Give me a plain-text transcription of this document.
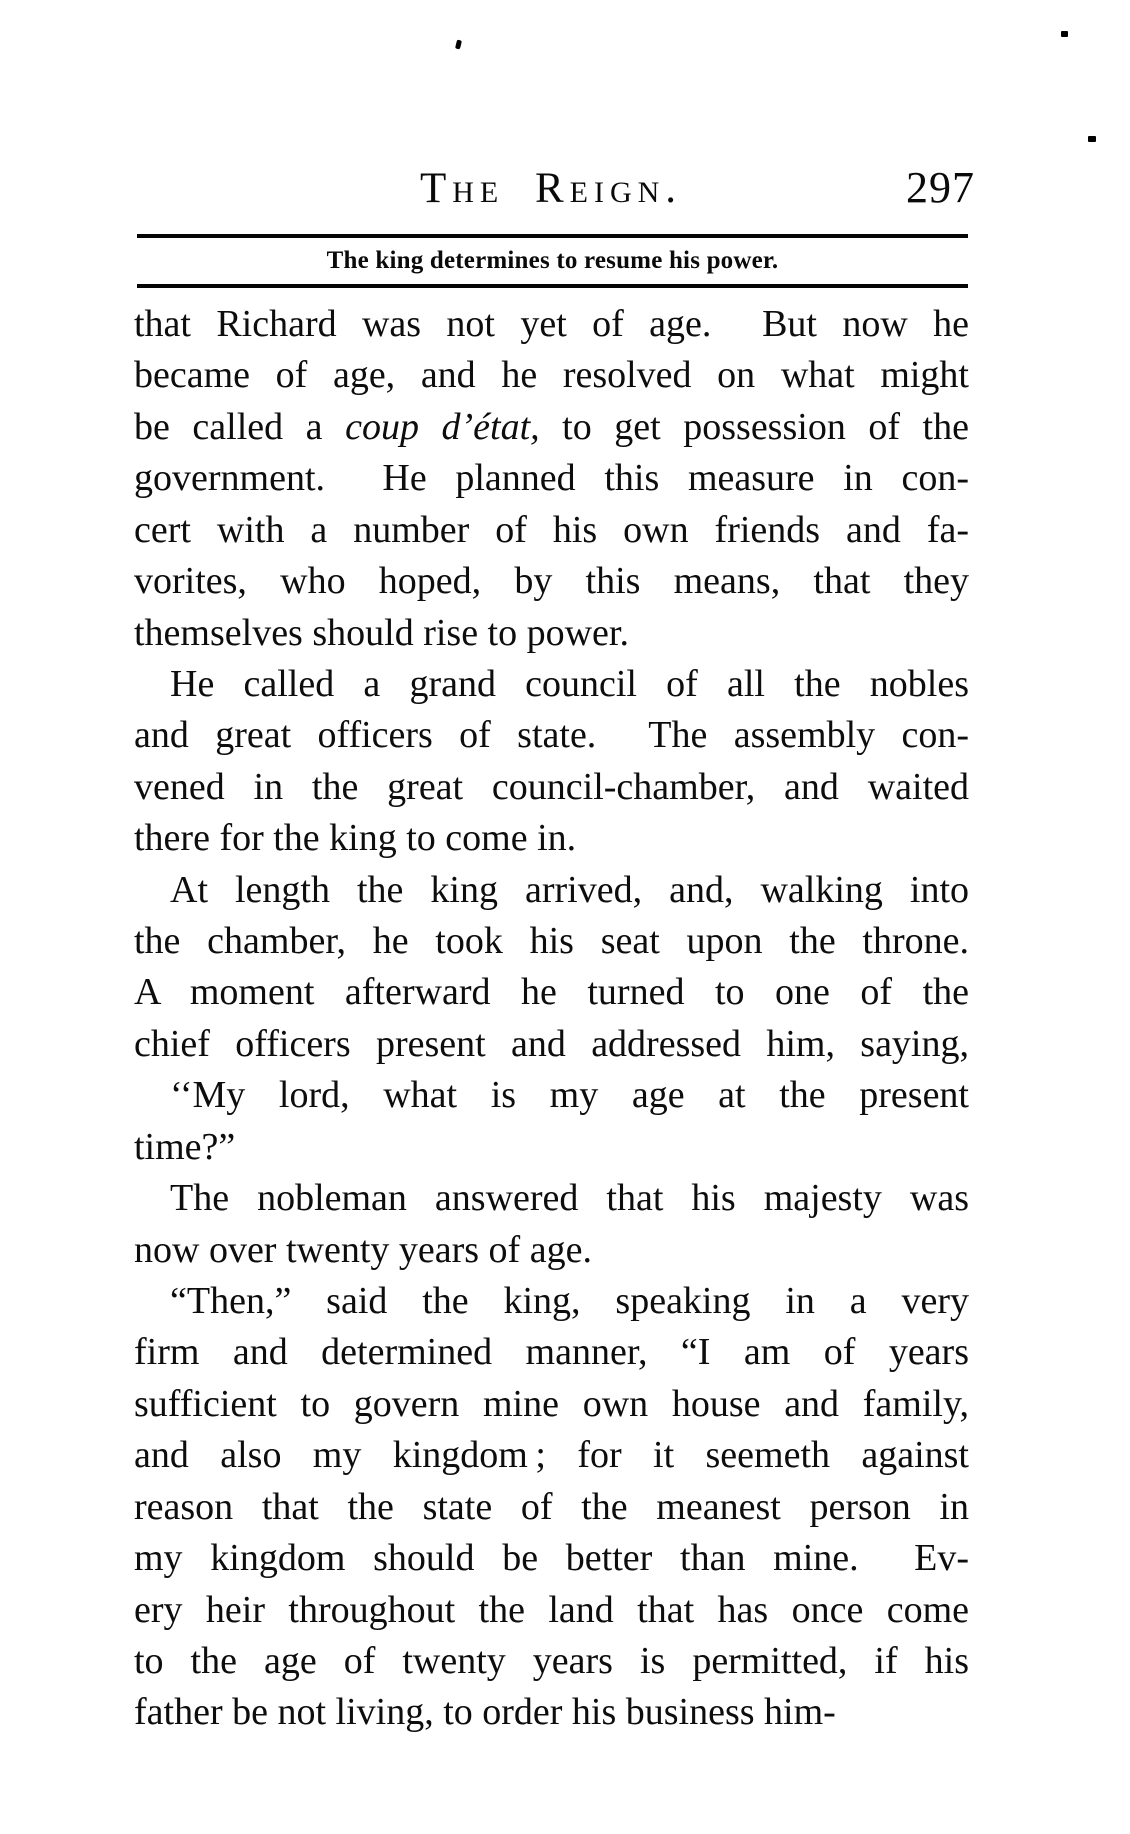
The Reign.	297
The king determines to resume his power.
that Richard was not yet of age.  But now he
became of age, and he resolved on what might
be called a coup d’état, to get possession of the
government.  He planned this measure in con-
cert with a number of his own friends and fa-
vorites, who hoped, by this means, that they
themselves should rise to power.
He called a grand council of all the nobles
and great officers of state.  The assembly con-
vened in the great council-chamber, and waited
there for the king to come in.
At length the king arrived, and, walking into
the chamber, he took his seat upon the throne.
A moment afterward he turned to one of the
chief officers present and addressed him, saying,
‘‘My lord, what is my age at the present
time?”
The nobleman answered that his majesty was
now over twenty years of age.
“Then,” said the king, speaking in a very
firm and determined manner, “I am of years
sufficient to govern mine own house and family,
and also my kingdom ; for it seemeth against
reason that the state of the meanest person in
my kingdom should be better than mine.  Ev-
ery heir throughout the land that has once come
to the age of twenty years is permitted, if his
father be not living, to order his business him-
